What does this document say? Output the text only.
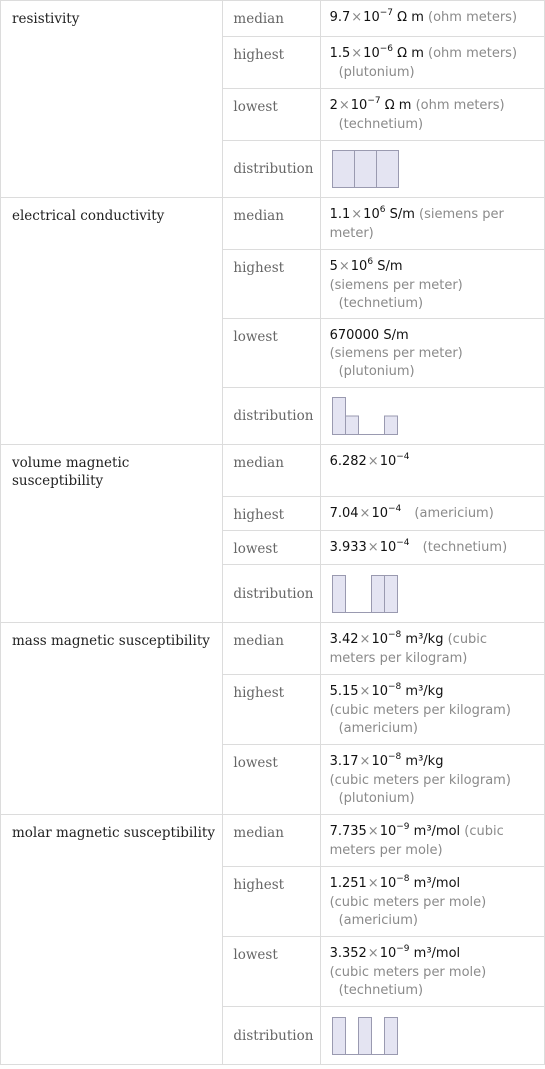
resistivity	median	$9.7\times 10^{-7}$ Ω m (ohm meters)

	highest	$1.5\times 10^{-6}$ Ω m (ohm meters)
(plutonium)

	lowest	$2\times 10^{-7}$ Ω m (ohm meters)
(technetium)

	distribution

electrical conductivity	median	$1.1\times 10^6$ S/m (siemens per
meter)

	highest	$5\times 10^6$ S/m
(siemens per meter)
(technetium)

	lowest	670000 S/m
(siemens per meter)
(plutonium)

	distribution

volume magnetic
susceptibility	median	$6.282\times 10^{-4}$

	highest	$7.04\times 10^{-4}$ (americium)

	lowest	$3.933\times 10^{-4}$ (technetium)

	distribution

mass magnetic susceptibility	median	$3.42\times 10^{-8}$ m³/kg (cubic
meters per kilogram)

	highest	$5.15\times 10^{-8}$ m³/kg
(cubic meters per kilogram)
(americium)

	lowest	$3.17\times 10^{-8}$ m³/kg
(cubic meters per kilogram)
(plutonium)

molar magnetic susceptibility	median	$7.735\times 10^{-9}$ m³/mol (cubic
meters per mole)

	highest	$1.251\times 10^{-8}$ m³/mol
(cubic meters per mole)
(americium)

	lowest	$3.352\times 10^{-9}$ m³/mol
(cubic meters per mole)
(technetium)

	distribution
